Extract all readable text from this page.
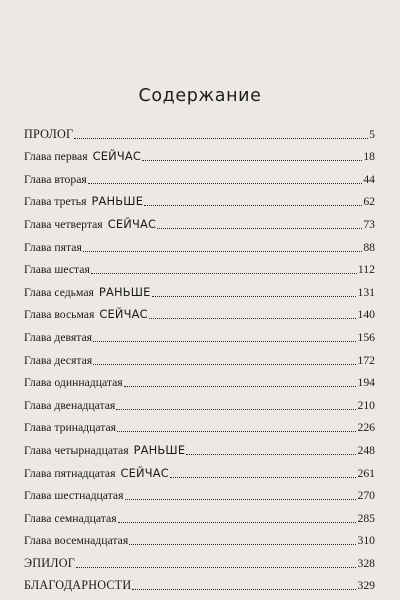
Содержание
ПРОЛОГ	5
Глава первая СЕЙЧАС	18
Глава вторая	44
Глава третья РАНЬШЕ	62
Глава четвертая СЕЙЧАС	73
Глава пятая	88
Глава шестая	112
Глава седьмая РАНЬШЕ	131
Глава восьмая СЕЙЧАС	140
Глава девятая	156
Глава десятая	172
Глава одиннадцатая	194
Глава двенадцатая	210
Глава тринадцатая	226
Глава четырнадцатая РАНЬШЕ	248
Глава пятнадцатая СЕЙЧАС	261
Глава шестнадцатая	270
Глава семнадцатая	285
Глава восемнадцатая	310
ЭПИЛОГ	328
БЛАГОДАРНОСТИ	329
